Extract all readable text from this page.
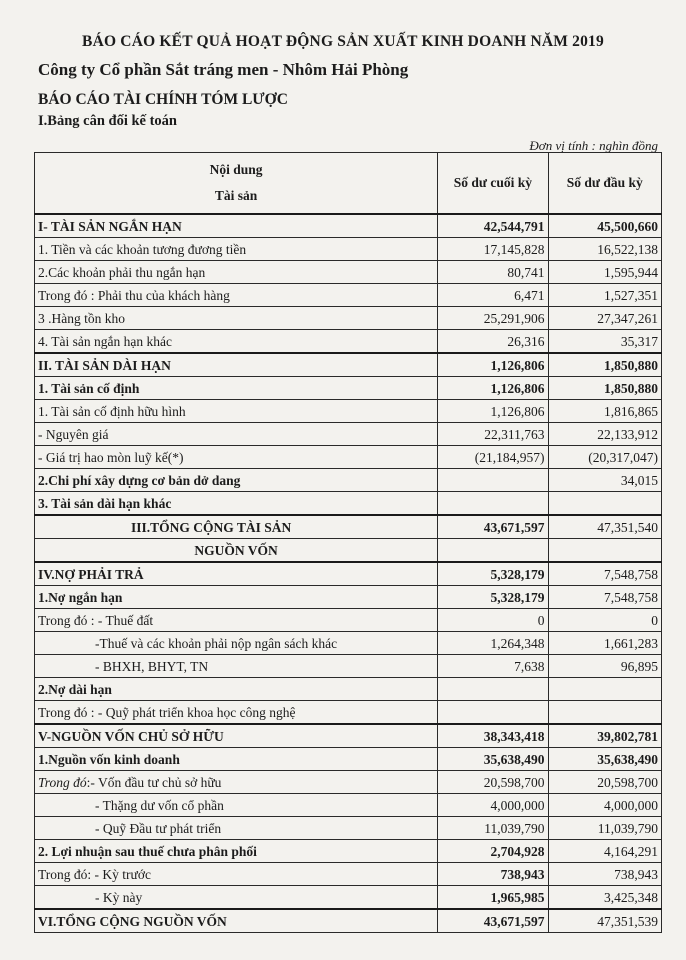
BÁO CÁO KẾT QUẢ HOẠT ĐỘNG SẢN XUẤT KINH DOANH NĂM 2019
Công ty Cổ phần Sắt tráng men - Nhôm Hải Phòng
BÁO CÁO TÀI CHÍNH TÓM LƯỢC
I.Bảng cân đối kế toán
Đơn vị tính : nghìn đồng
Nội dung
Tài sản	Số dư cuối kỳ	Số dư đầu kỳ
I- TÀI SẢN NGẮN HẠN	42,544,791	45,500,660
1. Tiền và các khoản tương đương tiền	17,145,828	16,522,138
2.Các khoản phải thu ngắn hạn	80,741	1,595,944
Trong đó : Phải thu của khách hàng	6,471	1,527,351
3 .Hàng tồn kho	25,291,906	27,347,261
4. Tài sản ngắn hạn khác	26,316	35,317
II. TÀI SẢN DÀI HẠN	1,126,806	1,850,880
1. Tài sản cố định	1,126,806	1,850,880
1. Tài sản cố định hữu hình	1,126,806	1,816,865
- Nguyên giá	22,311,763	22,133,912
- Giá trị hao mòn luỹ kế(*)	(21,184,957)	(20,317,047)
2.Chi phí xây dựng cơ bản dở dang		34,015
3. Tài sản dài hạn khác		
III.TỔNG CỘNG TÀI SẢN	43,671,597	47,351,540
NGUỒN VỐN		
IV.NỢ PHẢI TRẢ	5,328,179	7,548,758
1.Nợ ngắn hạn	5,328,179	7,548,758
Trong đó : - Thuế đất	0	0
-Thuế và các khoản phải nộp ngân sách khác	1,264,348	1,661,283
- BHXH, BHYT, TN	7,638	96,895
2.Nợ dài hạn		
Trong đó : - Quỹ phát triển khoa học công nghệ		
V-NGUỒN VỐN CHỦ SỞ HỮU	38,343,418	39,802,781
1.Nguồn vốn kinh doanh	35,638,490	35,638,490
Trong đó:- Vốn đầu tư chủ sở hữu	20,598,700	20,598,700
- Thặng dư vốn cổ phần	4,000,000	4,000,000
- Quỹ Đầu tư phát triển	11,039,790	11,039,790
2. Lợi nhuận sau thuế chưa phân phối	2,704,928	4,164,291
Trong đó: - Kỳ trước	738,943	738,943
- Kỳ này	1,965,985	3,425,348
VI.TỔNG CỘNG NGUỒN VỐN	43,671,597	47,351,539
